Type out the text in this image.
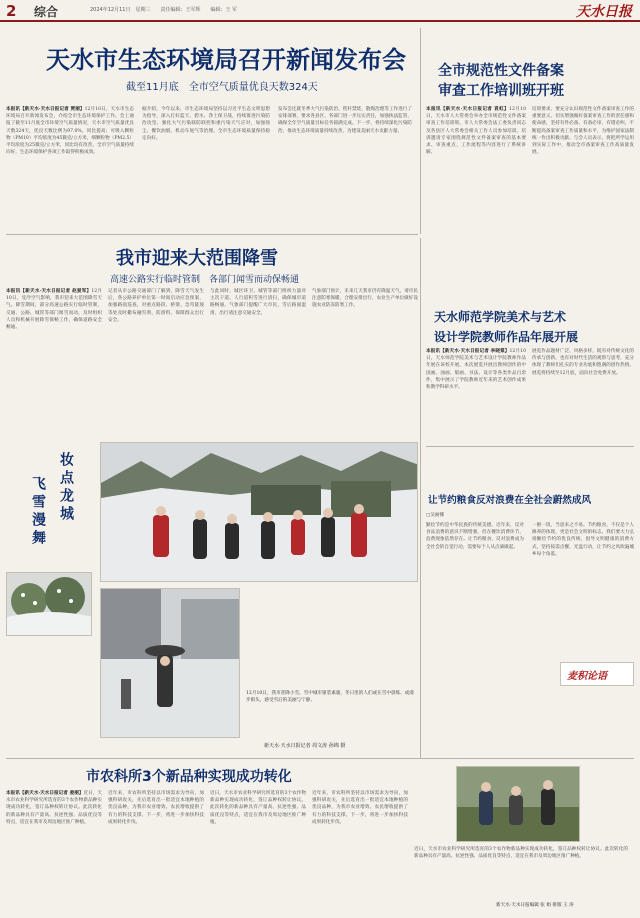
2 综合	2024年12月11日　星期三　　责任编辑：王军辉　　编辑：王 军	天水日报
天水市生态环境局召开新闻发布会
截至11月底　全市空气质量优良天数324天
本报讯【新天水·天水日报记者 贾丽】12月10日，天水市生态环境局召开新闻发布会，介绍全市生态环境保护工作。会上通报了截至11月底全市环境空气质量情况，天水市空气质量优良天数324天，优良天数比例为97.0%，同比提高；可吸入颗粒物（PM10）平均浓度为45微克/立方米，细颗粒物（PM2.5）平均浓度为25微克/立方米，同比均有改善。全市空气质量持续向好，生态环境保护各项工作取得积极成效。
据介绍，今年以来，市生态环境局坚持以习近平生态文明思想为指导，深入打好蓝天、碧水、净土保卫战，持续推进污染防治攻坚，强化大气污染联防联控和重污染天气应对，加强扬尘、餐饮油烟、机动车尾气等治理，全市生态环境质量保持稳定向好。
发布会还就冬季大气污染防治、秸秆禁烧、散煤治理等工作进行了安排部署，要求各县区、各部门进一步压实责任，加强执法监管，确保全年空气质量目标任务圆满完成。下一步，将持续深化污染防治，推动生态环境质量持续改善，为建设美丽天水贡献力量。
全市规范性文件备案
审查工作培训班开班
本报讯【新天水·天水日报记者 袁虹】12月10日，天水市人大常委会举办全市规范性文件备案审查工作培训班。市人大常委会法工委负责同志及各县区人大常委会相关工作人员参加培训。培训邀请专家围绕规范性文件备案审查的基本要求、审查重点、工作流程等内容进行了系统讲解。
培训要求，要充分认识规范性文件备案审查工作的重要意义，切实增强做好备案审查工作的责任感和使命感，坚持有件必备、有备必审、有错必纠，不断提高备案审查工作质量和水平，为维护国家法制统一作出积极贡献。与会人员表示，将把所学运用到实际工作中，推动全市备案审查工作高质量发展。
我市迎来大范围降雪
高速公路实行临时管制　各部门闻雪而动保畅通
本报讯【新天水·天水日报记者 赵爱军】12月10日，受冷空气影响，我市迎来大范围降雪天气。降雪期间，部分高速公路实行临时管制，交通、公路、城管等部门闻雪而动，及时组织人员和机械开展除雪保畅工作，确保道路安全畅通。
记者从市公路交通部门了解到，降雪天气发生后，各公路养护单位第一时间启动应急预案，加强路面巡查，对重点路段、桥梁、急弯陡坡等处及时撒布融雪剂、防滑料，保障群众出行安全。
与此同时，城区环卫、城管等部门组织力量对主次干道、人行道积雪进行清扫，确保城市道路畅通。气象部门提醒广大市民，雪后路面湿滑，出行请注意交通安全。
气象部门预计，未来几天我市仍有降温天气，请市民注意防寒保暖，合理安排出行，农业生产单位做好设施农业防冻防寒工作。
妆点龙城
飞雪漫舞
12月10日，我市普降小雪。雪中城市银装素裹，冬日里的人们或在雪中晨练、或漫步街头，感受雪后的美丽与宁静。
新天水·天水日报记者 周文涛 孙锦 摄
天水师范学院美术与艺术
设计学院教师作品年展开展
本报讯【新天水·天水日报记者 李晓棠】12月10日，天水师范学院美术与艺术设计学院教师作品年展在该校开展。本次展览共展出教师创作的中国画、油画、版画、书法、设计等各类作品百余件，集中展示了学院教师近年来的艺术创作成果和教学科研水平。
展览作品题材广泛、风格多样，既有对传统文化的传承与创新，也有对时代生活的观察与思考，充分体现了教师们扎实的专业功底和饱满的创作热情。展览将持续至12月底，面向社会免费开放。
让节约粮食反对浪费在全社会蔚然成风
□吴丽娜
勤俭节约是中华民族的传统美德。近年来，反对食品浪费的意识不断增强，但在餐饮消费环节，浪费现象依然存在。让节约粮食、反对浪费成为全社会的自觉行动，需要每个人从点滴做起。
一粥一饭，当思来之不易。节约粮食，不仅是个人修养的体现，更是社会文明的标志。我们要大力弘扬勤俭节约的优良传统，倡导文明健康的消费方式，坚持按需点餐、光盘行动，让节约之风吹遍城乡每个角落。
麦积论语
市农科所3个新品种实现成功转化
本报讯【新天水·天水日报记者 姜丽】近日，天水市农业科学研究所选育的3个农作物新品种实现成功转化，签订品种权转让协议。此次转化的新品种具有产量高、抗逆性强、品质优良等特点，适宜在我市及周边地区推广种植。
近年来，市农科所坚持以市场需求为导向，加强科研攻关，先后选育出一批适宜本地种植的优良品种，为我市农业增效、农民增收提供了有力的科技支撑。下一步，将进一步加快科技成果转化步伐。
近日，天水市农业科学研究所选育的3个农作物新品种实现成功转化，签订品种权转让协议。此次转化的新品种具有产量高、抗逆性强、品质优良等特点，适宜在我市及周边地区推广种植。
近年来，市农科所坚持以市场需求为导向，加强科研攻关，先后选育出一批适宜本地种植的优良品种，为我市农业增效、农民增收提供了有力的科技支撑。下一步，将进一步加快科技成果转化步伐。
近日，天水市农业科学研究所选育的3个农作物新品种实现成功转化，签订品种权转让协议。此次转化的新品种具有产量高、抗逆性强、品质优良等特点，适宜在我市及周边地区推广种植。
新天水·天水日报编辑 张 娟 排版 王 涛
